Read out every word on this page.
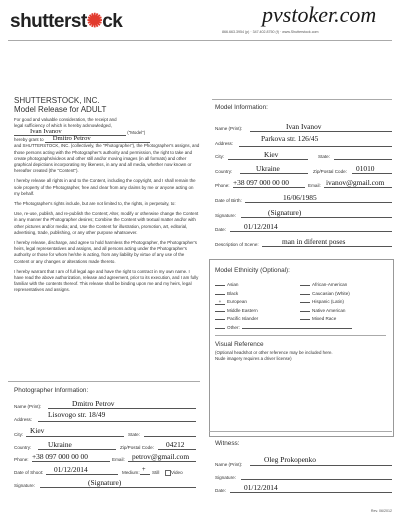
shutterst✺ck	pvstoker.com
866.663.3954 (p) · 347.402.8750 (f) · www.Shutterstock.com
SHUTTERSTOCK, INC.
Model Release for ADULT
For good and valuable consideration, the receipt and
legal sufficiency of which is hereby acknowledged,
Ivan Ivanov	("Model")
hereby grant to Dmitro Petrov
and SHUTTERSTOCK, INC. (collectively, the "Photographer"), the Photographer's assigns, and those persons acting with the Photographer's authority and permission, the right to take and create photographs/videos and other still and/or moving images (in all formats) and other graphical depictions incorporating my likeness, in any and all media, whether now known or hereafter created (the "Content").
I hereby release all rights in and to the Content, including the copyright, and I shall remain the sole property of the Photographer, free and clear from any claims by me or anyone acting on my behalf.
The Photographer's rights include, but are not limited to, the rights, in perpetuity, to:
Use, re-use, publish, and re-publish the Content; Alter, modify or otherwise change the Content in any manner the Photographer desires; Combine the Content with textual matter and/or with other pictures and/or media; and, Use the Content for illustration, promotion, art, editorial, advertising, trade, publishing, or any other purpose whatsoever.
I hereby release, discharge, and agree to hold harmless the Photographer, the Photographer's heirs, legal representatives and assigns, and all persons acting under the Photographer's authority or those for whom he/she is acting, from any liability by virtue of any use of the Content or any changes or alterations made thereto.
I hereby warrant that I am of full legal age and have the right to contract in my own name. I have read the above authorization, release and agreement, prior to its execution, and I am fully familiar with the contents thereof. This release shall be binding upon me and my heirs, legal representatives and assigns.
Model Information:
Name (Print):	Ivan Ivanov
Address:
Parkova str. 126/45
City:	Kiev	State:
Country:	Ukraine	Zip/Postal Code: 01010
Phone: +38 097 000 00 00	Email: ivanov@gmail.com
Date of Birth:	16/06/1985
Signature:	(Signature)
Date: 01/12/2014
Description of Scene:	man in diferent poses
Model Ethnicity (Optional):
Asian
Black
+ European
Middle Eastern
Pacific Islander
Other:
African-American
Caucasian (White)
Hispanic (Latin)
Native American
Mixed Race
Visual Reference
(Optional headshot or other reference may be included here.
Nude imagery requires a driver license)
Photographer Information:
Name (Print):	Dmitro Petrov
Address:
Lisovogo str. 18/49
City: Kiev	State:
Country: Ukraine	Zip/Postal Code: 04212
Phone: +38 097 000 00 00	Email: petrov@gmail.com
Date of Shoot: 01/12/2014	Medium: + Still	Video
Signature:	(Signature)
Witness:
Name (Print):
Oleg Prokopenko
Signature:
Date: 01/12/2014
Rev. 06/2012
